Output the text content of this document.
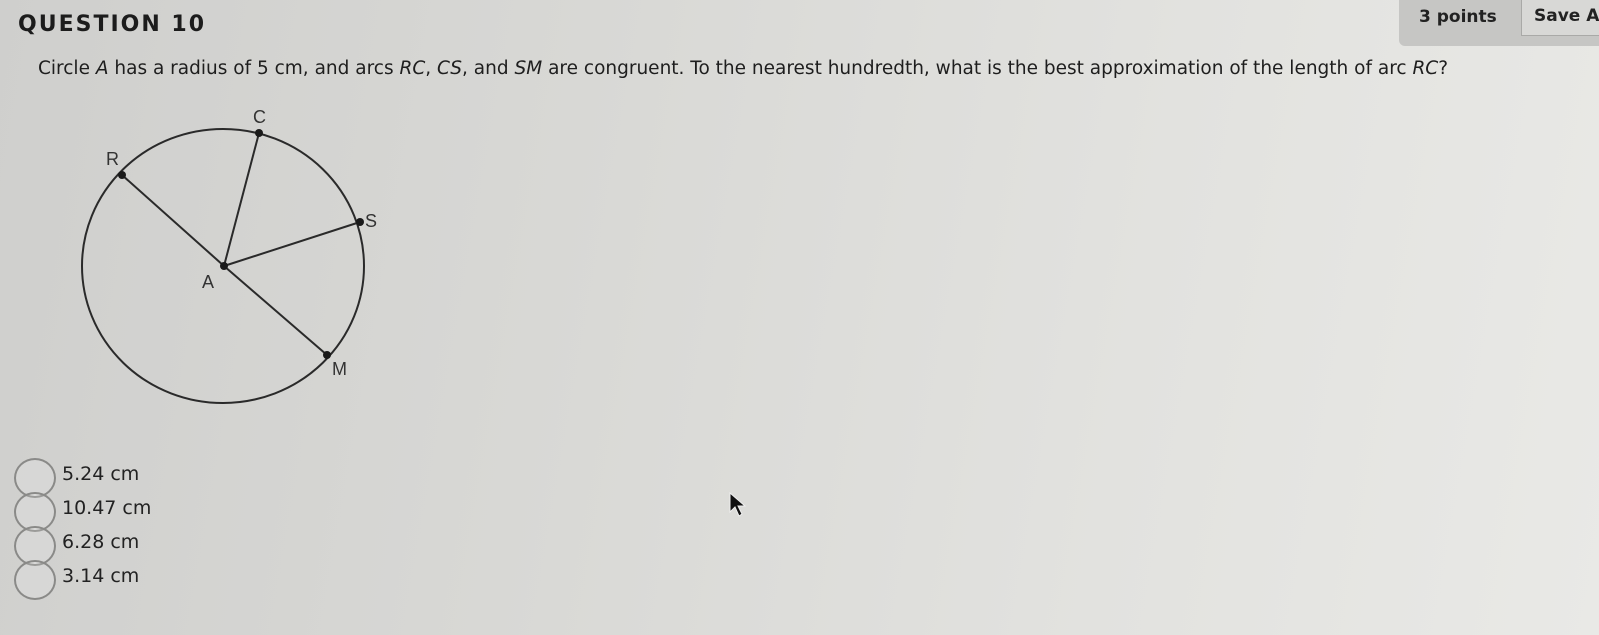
QUESTION 10	3 points	Save A
Circle A has a radius of 5 cm, and arcs RC, CS, and SM are congruent. To the nearest hundredth, what is the best approximation of the length of arc RC?
A
R
C
S
M
5.24 cm
10.47 cm
6.28 cm
3.14 cm
